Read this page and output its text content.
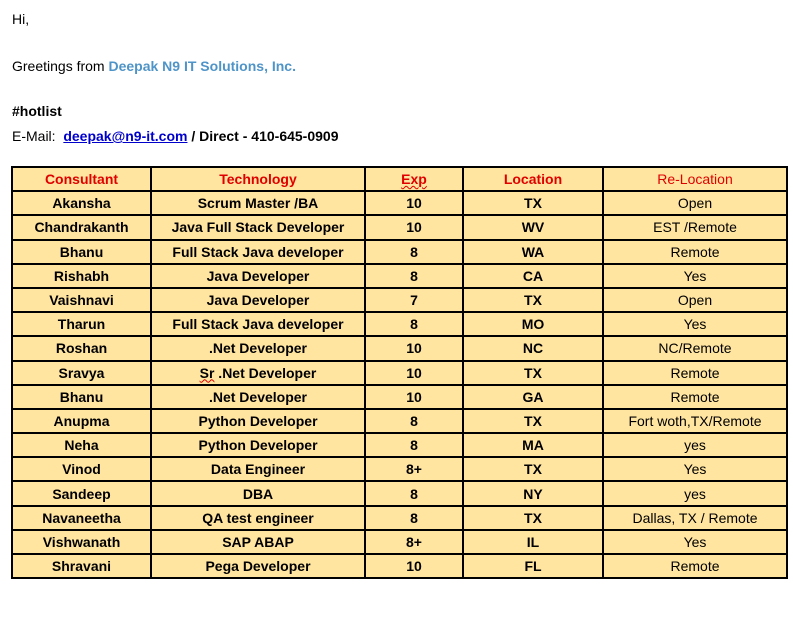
Hi,
Greetings from Deepak N9 IT Solutions, Inc.
#hotlist
E-Mail: deepak@n9-it.com / Direct - 410-645-0909
Consultant	Technology	Exp	Location	Re-Location
Akansha	Scrum Master /BA	10	TX	Open
Chandrakanth	Java Full Stack Developer	10	WV	EST /Remote
Bhanu	Full Stack Java developer	8	WA	Remote
Rishabh	Java Developer	8	CA	Yes
Vaishnavi	Java Developer	7	TX	Open
Tharun	Full Stack Java developer	8	MO	Yes
Roshan	.Net Developer	10	NC	NC/Remote
Sravya	Sr .Net Developer	10	TX	Remote
Bhanu	.Net Developer	10	GA	Remote
Anupma	Python Developer	8	TX	Fort woth,TX/Remote
Neha	Python Developer	8	MA	yes
Vinod	Data Engineer	8+	TX	Yes
Sandeep	DBA	8	NY	yes
Navaneetha	QA test engineer	8	TX	Dallas, TX / Remote
Vishwanath	SAP ABAP	8+	IL	Yes
Shravani	Pega Developer	10	FL	Remote
